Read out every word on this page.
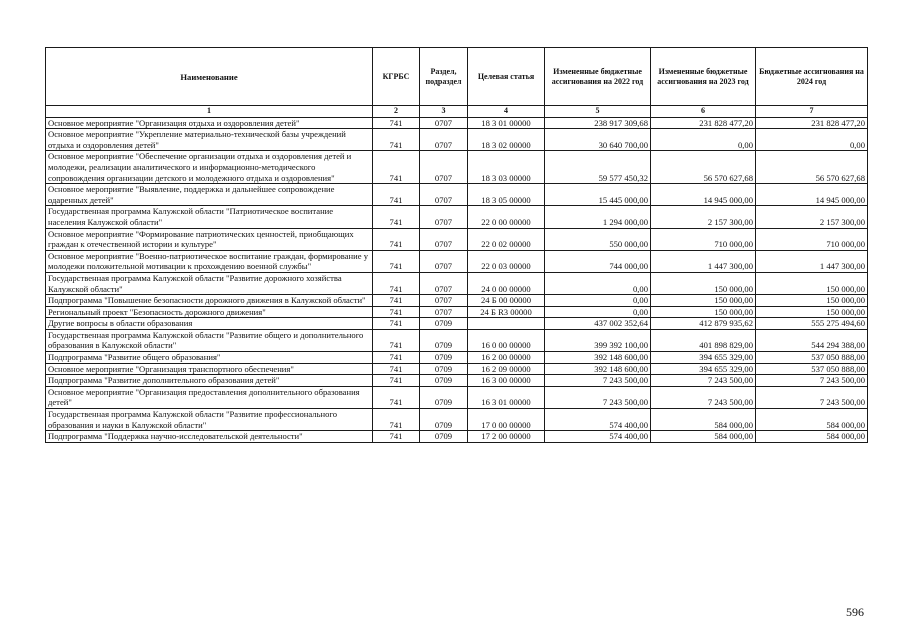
Наименование	КГРБС	Раздел, подраздел	Целевая статья	Измененные бюджетные ассигнования на 2022 год	Измененные бюджетные ассигнования на 2023 год	Бюджетные ассигнования на 2024 год
1	2	3	4	5	6	7
Основное мероприятие "Организация отдыха и оздоровления детей"	741	0707	18 3 01 00000	238 917 309,68	231 828 477,20	231 828 477,20
Основное мероприятие "Укрепление материально-технической базы учреждений отдыха и оздоровления детей"	741	0707	18 3 02 00000	30 640 700,00	0,00	0,00
Основное мероприятие "Обеспечение организации отдыха и оздоровления детей и молодежи, реализации аналитического и информационно-методического сопровождения организации детского и молодежного отдыха и оздоровления"	741	0707	18 3 03 00000	59 577 450,32	56 570 627,68	56 570 627,68
Основное мероприятие "Выявление, поддержка и дальнейшее сопровождение одаренных детей"	741	0707	18 3 05 00000	15 445 000,00	14 945 000,00	14 945 000,00
Государственная программа Калужской области "Патриотическое воспитание населения Калужской области"	741	0707	22 0 00 00000	1 294 000,00	2 157 300,00	2 157 300,00
Основное мероприятие "Формирование патриотических ценностей, приобщающих граждан к отечественной истории и культуре"	741	0707	22 0 02 00000	550 000,00	710 000,00	710 000,00
Основное мероприятие "Военно-патриотическое воспитание граждан, формирование у молодежи положительной мотивации к прохождению военной службы"	741	0707	22 0 03 00000	744 000,00	1 447 300,00	1 447 300,00
Государственная программа Калужской области "Развитие дорожного хозяйства Калужской области"	741	0707	24 0 00 00000	0,00	150 000,00	150 000,00
Подпрограмма "Повышение безопасности дорожного движения в Калужской области"	741	0707	24 Б 00 00000	0,00	150 000,00	150 000,00
Региональный проект "Безопасность дорожного движения"	741	0707	24 Б R3 00000	0,00	150 000,00	150 000,00
Другие вопросы в области образования	741	0709		437 002 352,64	412 879 935,62	555 275 494,60
Государственная программа Калужской области "Развитие общего и дополнительного образования в Калужской области"	741	0709	16 0 00 00000	399 392 100,00	401 898 829,00	544 294 388,00
Подпрограмма "Развитие общего образования"	741	0709	16 2 00 00000	392 148 600,00	394 655 329,00	537 050 888,00
Основное мероприятие "Организация транспортного обеспечения"	741	0709	16 2 09 00000	392 148 600,00	394 655 329,00	537 050 888,00
Подпрограмма "Развитие дополнительного образования детей"	741	0709	16 3 00 00000	7 243 500,00	7 243 500,00	7 243 500,00
Основное мероприятие "Организация предоставления дополнительного образования детей"	741	0709	16 3 01 00000	7 243 500,00	7 243 500,00	7 243 500,00
Государственная программа Калужской области "Развитие профессионального образования и науки в Калужской области"	741	0709	17 0 00 00000	574 400,00	584 000,00	584 000,00
Подпрограмма "Поддержка научно-исследовательской деятельности"	741	0709	17 2 00 00000	574 400,00	584 000,00	584 000,00
596
